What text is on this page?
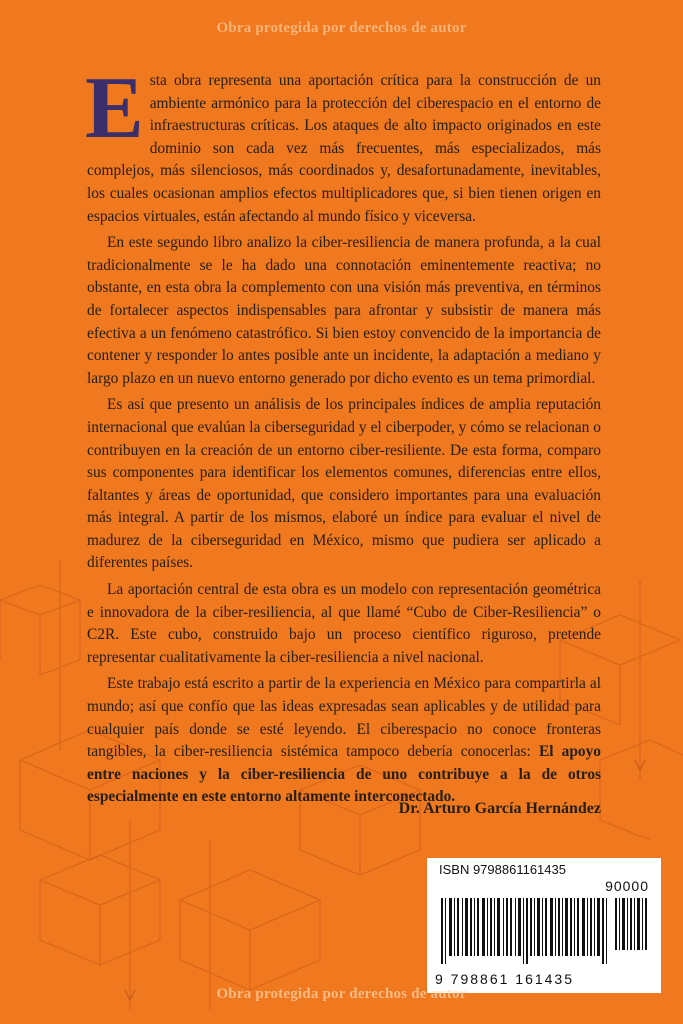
Obra protegida por derechos de autor

Esta obra representa una aportación crítica para la construcción de un ambiente armónico para la protección del ciberespacio en el entorno de infraestructuras críticas. Los ataques de alto impacto originados en este dominio son cada vez más frecuentes, más especializados, más complejos, más silenciosos, más coordinados y, desafortunadamente, inevitables, los cuales ocasionan amplios efectos multiplicadores que, si bien tienen origen en espacios virtuales, están afectando al mundo físico y viceversa.

En este segundo libro analizo la ciber-resiliencia de manera profunda, a la cual tradicionalmente se le ha dado una connotación eminentemente reactiva; no obstante, en esta obra la complemento con una visión más preventiva, en términos de fortalecer aspectos indispensables para afrontar y subsistir de manera más efectiva a un fenómeno catastrófico. Si bien estoy convencido de la importancia de contener y responder lo antes posible ante un incidente, la adaptación a mediano y largo plazo en un nuevo entorno generado por dicho evento es un tema primordial.

Es así que presento un análisis de los principales índices de amplia reputación internacional que evalúan la ciberseguridad y el ciberpoder, y cómo se relacionan o contribuyen en la creación de un entorno ciber-resiliente. De esta forma, comparo sus componentes para identificar los elementos comunes, diferencias entre ellos, faltantes y áreas de oportunidad, que considero importantes para una evaluación más integral. A partir de los mismos, elaboré un índice para evaluar el nivel de madurez de la ciberseguridad en México, mismo que pudiera ser aplicado a diferentes países.

La aportación central de esta obra es un modelo con representación geométrica e innovadora de la ciber-resiliencia, al que llamé “Cubo de Ciber-Resiliencia” o C2R. Este cubo, construido bajo un proceso científico riguroso, pretende representar cualitativamente la ciber-resiliencia a nivel nacional.

Este trabajo está escrito a partir de la experiencia en México para compartirla al mundo; así que confío que las ideas expresadas sean aplicables y de utilidad para cualquier país donde se esté leyendo. El ciberespacio no conoce fronteras tangibles, la ciber-resiliencia sistémica tampoco debería conocerlas: El apoyo entre naciones y la ciber-resiliencia de uno contribuye a la de otros especialmente en este entorno altamente interconectado.

Dr. Arturo García Hernández
ISBN 9798861161435
90000
9 798861 161435
Obra protegida por derechos de autor
